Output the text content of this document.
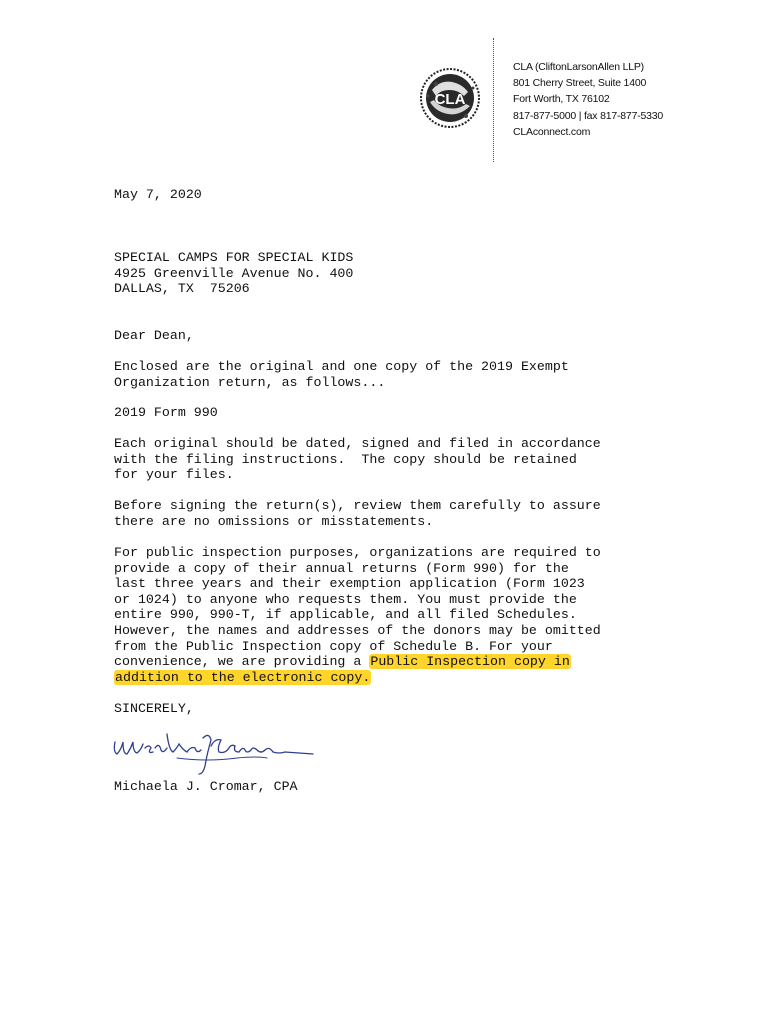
CLA
CLA (CliftonLarsonAllen LLP)
801 Cherry Street, Suite 1400
Fort Worth, TX 76102
817-877-5000 | fax 817-877-5330
CLAconnect.com
May 7, 2020
SPECIAL CAMPS FOR SPECIAL KIDS
4925 Greenville Avenue No. 400
DALLAS, TX  75206
Dear Dean,
Enclosed are the original and one copy of the 2019 Exempt
Organization return, as follows...
2019 Form 990
Each original should be dated, signed and filed in accordance
with the filing instructions.  The copy should be retained
for your files.
Before signing the return(s), review them carefully to assure
there are no omissions or misstatements.
For public inspection purposes, organizations are required to
provide a copy of their annual returns (Form 990) for the
last three years and their exemption application (Form 1023
or 1024) to anyone who requests them. You must provide the
entire 990, 990-T, if applicable, and all filed Schedules.
However, the names and addresses of the donors may be omitted
from the Public Inspection copy of Schedule B. For your
convenience, we are providing a Public Inspection copy in
addition to the electronic copy.
SINCERELY,
Michaela J. Cromar, CPA
